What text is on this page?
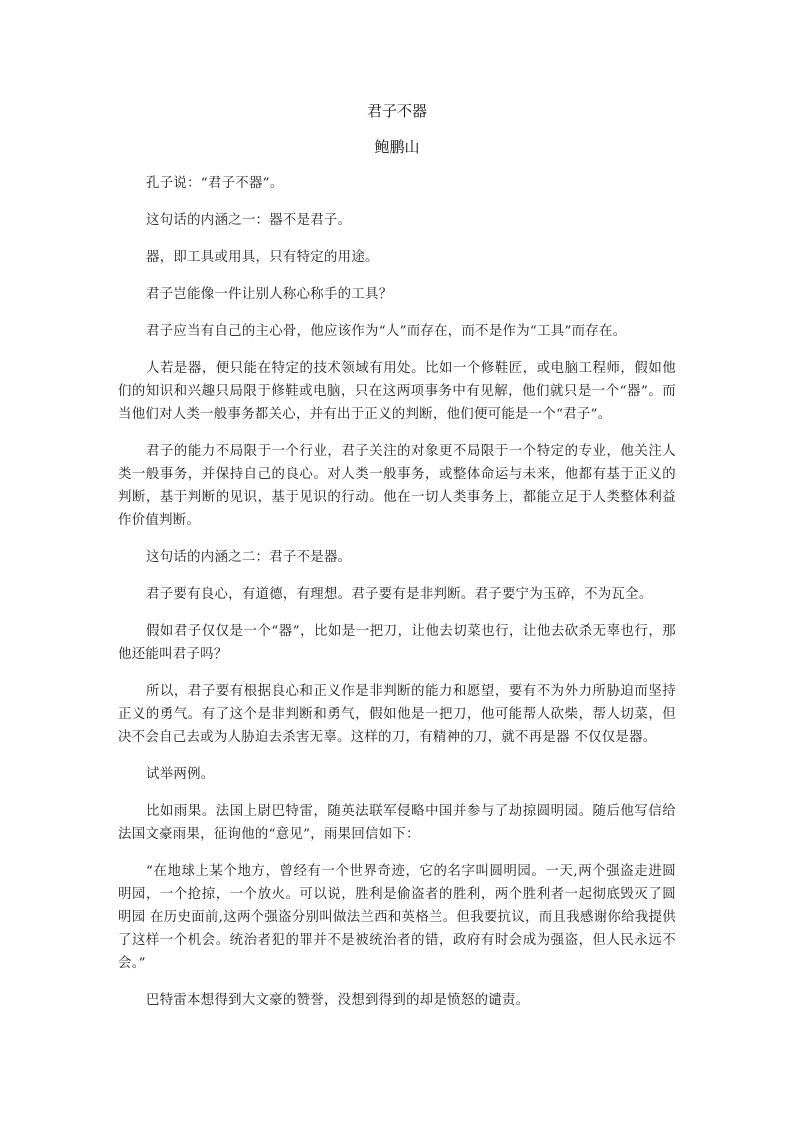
君子不器
鲍鹏山

孔子说：“君子不器”。

这句话的内涵之一：器不是君子。

器，即工具或用具，只有特定的用途。

君子岂能像一件让别人称心称手的工具？

君子应当有自己的主心骨，他应该作为“人”而存在，而不是作为“工具”而存在。

人若是器，便只能在特定的技术领域有用处。比如一个修鞋匠，或电脑工程师，假如他们的知识和兴趣只局限于修鞋或电脑，只在这两项事务中有见解，他们就只是一个“器”。而当他们对人类一般事务都关心，并有出于正义的判断，他们便可能是一个“君子”。

君子的能力不局限于一个行业，君子关注的对象更不局限于一个特定的专业，他关注人类一般事务，并保持自己的良心。对人类一般事务，或整体命运与未来，他都有基于正义的判断，基于判断的见识，基于见识的行动。他在一切人类事务上，都能立足于人类整体利益作价值判断。

这句话的内涵之二：君子不是器。

君子要有良心，有道德，有理想。君子要有是非判断。君子要宁为玉碎，不为瓦全。

假如君子仅仅是一个“器”，比如是一把刀，让他去切菜也行，让他去砍杀无辜也行，那他还能叫君子吗？

所以，君子要有根据良心和正义作是非判断的能力和愿望，要有不为外力所胁迫而坚持正义的勇气。有了这个是非判断和勇气，假如他是一把刀，他可能帮人砍柴，帮人切菜，但决不会自己去或为人胁迫去杀害无辜。这样的刀，有精神的刀，就不再是器 不仅仅是器。

试举两例。

比如雨果。法国上尉巴特雷，随英法联军侵略中国并参与了劫掠圆明园。随后他写信给法国文豪雨果，征询他的“意见”，雨果回信如下：

“在地球上某个地方，曾经有一个世界奇迹，它的名字叫圆明园。一天,两个强盗走进圆明园，一个抢掠，一个放火。可以说，胜利是偷盗者的胜利，两个胜利者一起彻底毁灭了圆明园 在历史面前,这两个强盗分别叫做法兰西和英格兰。但我要抗议，而且我感谢你给我提供了这样一个机会。统治者犯的罪并不是被统治者的错，政府有时会成为强盗，但人民永远不会。”

巴特雷本想得到大文豪的赞誉，没想到得到的却是愤怒的谴责。
